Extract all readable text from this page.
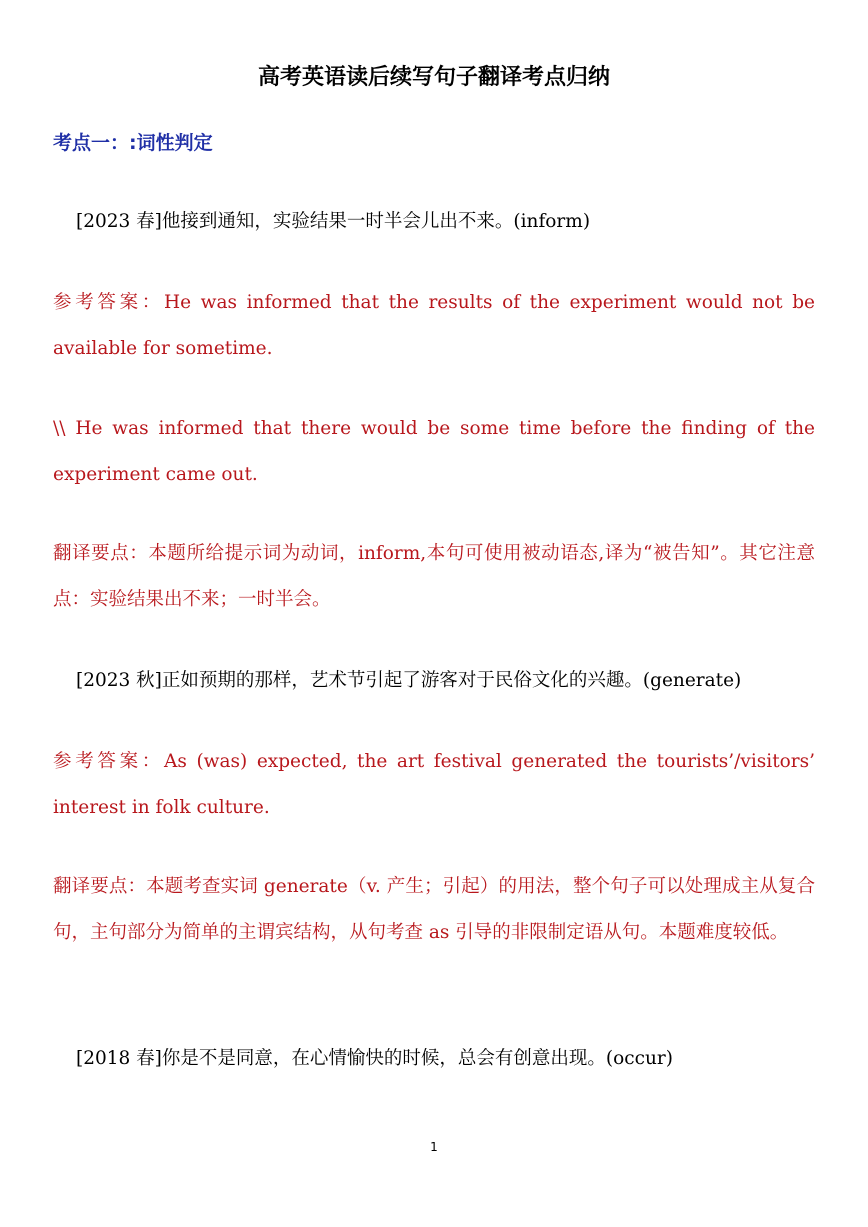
高考英语读后续写句子翻译考点归纳
考点一：:词性判定
[2023 春]他接到通知，实验结果一时半会儿出不来。(inform)
参考答案：He was informed that the results of the experiment would not be available for sometime.
\\ He was informed that there would be some time before the finding of the experiment came out.
翻译要点：本题所给提示词为动词，inform,本句可使用被动语态,译为“被告知”。其它注意点：实验结果出不来；一时半会。
[2023 秋]正如预期的那样，艺术节引起了游客对于民俗文化的兴趣。(generate)
参考答案：As (was) expected, the art festival generated the tourists’/visitors’ interest in folk culture.
翻译要点：本题考查实词 generate（v. 产生；引起）的用法，整个句子可以处理成主从复合句，主句部分为简单的主谓宾结构，从句考查 as 引导的非限制定语从句。本题难度较低。
[2018 春]你是不是同意，在心情愉快的时候，总会有创意出现。(occur)
1
